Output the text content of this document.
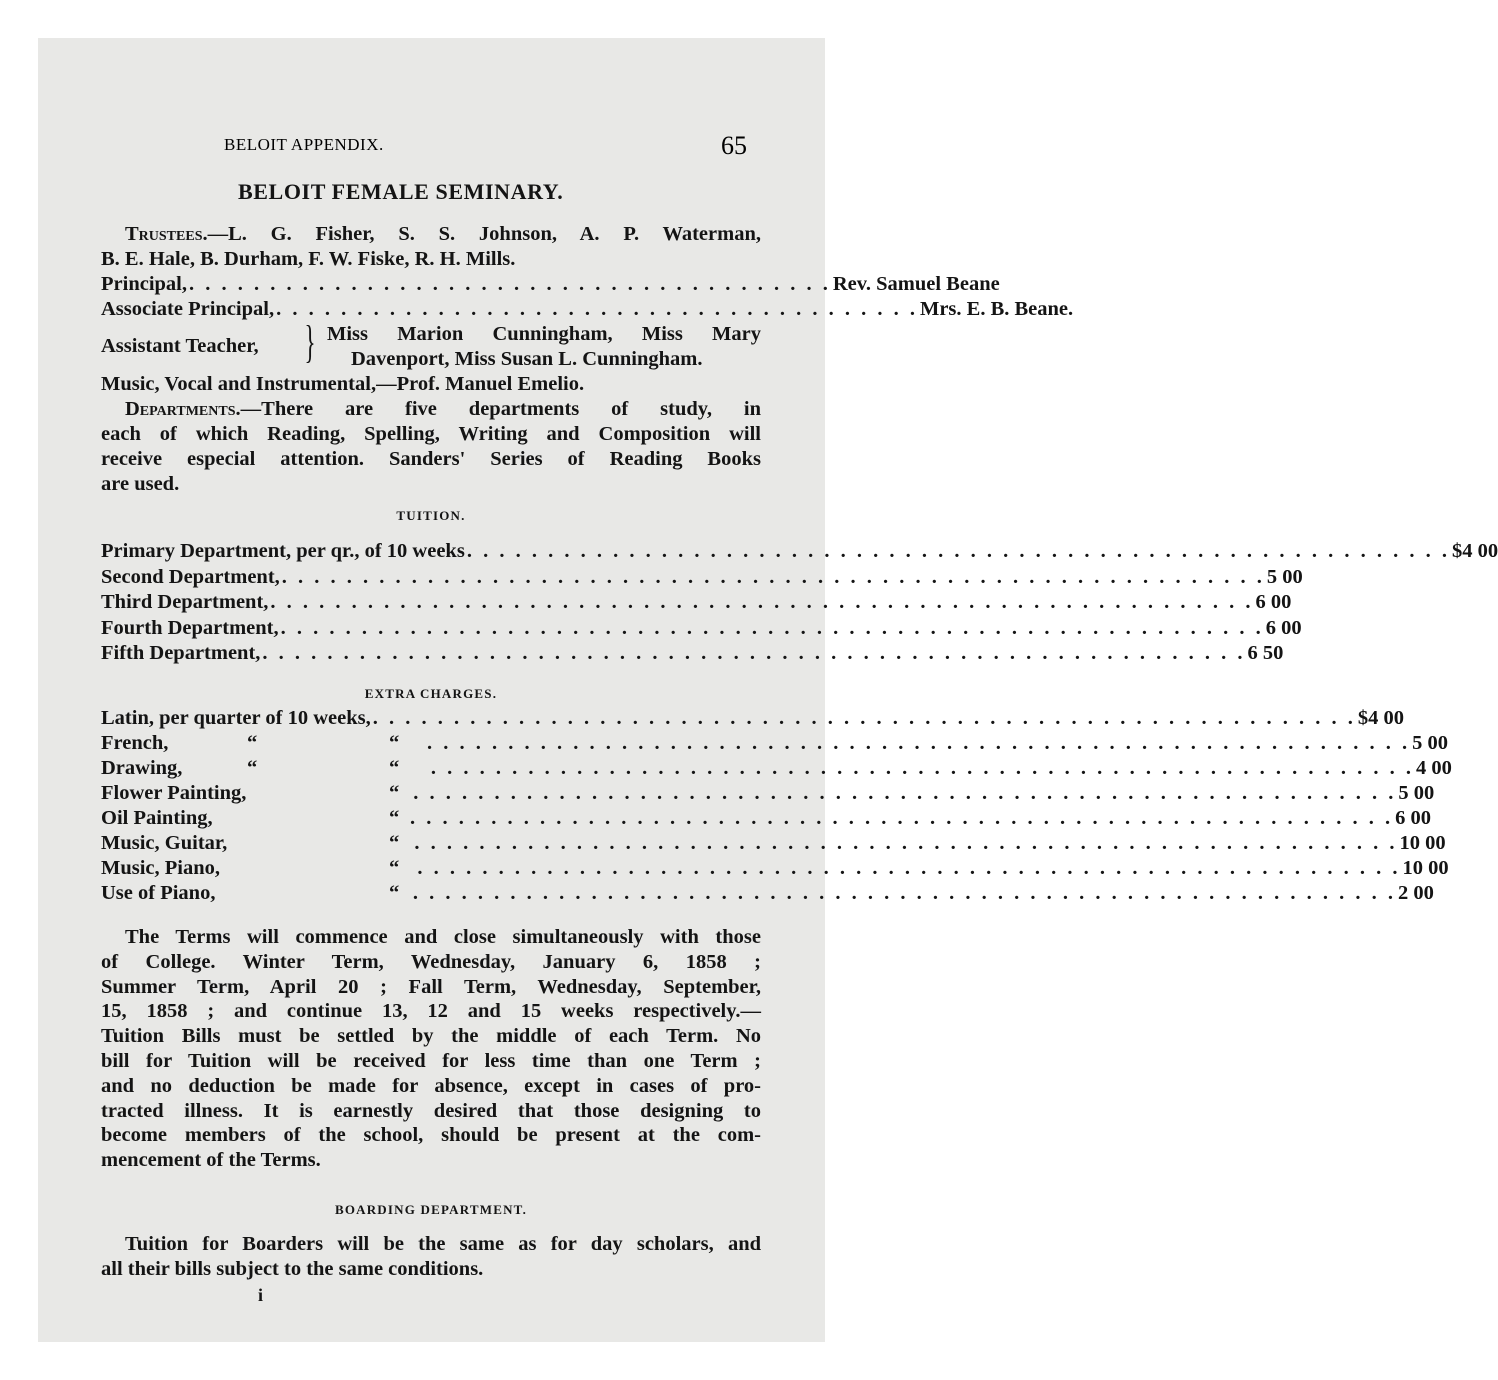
BELOIT APPENDIX.	65
BELOIT FEMALE SEMINARY.
Trustees.—L. G. Fisher, S. S. Johnson, A. P. Waterman,
B. E. Hale, B. Durham, F. W. Fiske, R. H. Mills.
Principal, . . . . . . . . . . . . . . . . . . . . . . . . . . . . . . . . . . . . . . . . Rev. Samuel Beane
Associate Principal, . . . . . . . . . . . . . . . . . . . . . . . . . . . . . . . . . . . . . . . . Mrs. E. B. Beane.
Assistant Teacher, } Miss Marion Cunningham, Miss Mary
Davenport, Miss Susan L. Cunningham.
Music, Vocal and Instrumental,—Prof. Manuel Emelio.
Departments.—There are five departments of study, in
each of which Reading, Spelling, Writing and Composition will
receive especial attention. Sanders' Series of Reading Books
are used.
TUITION.
Primary Department, per qr., of 10 weeks . . . . . . . . . . . . . . . . . . . . . . . . . . . . . . . . . . . . . . . . . . . . . . . . . . . . . . . . . . . . . $4 00
Second Department, . . . . . . . . . . . . . . . . . . . . . . . . . . . . . . . . . . . . . . . . . . . . . . . . . . . . . . . . . . . . . 5 00
Third Department, . . . . . . . . . . . . . . . . . . . . . . . . . . . . . . . . . . . . . . . . . . . . . . . . . . . . . . . . . . . . . 6 00
Fourth Department, . . . . . . . . . . . . . . . . . . . . . . . . . . . . . . . . . . . . . . . . . . . . . . . . . . . . . . . . . . . . . 6 00
Fifth Department, . . . . . . . . . . . . . . . . . . . . . . . . . . . . . . . . . . . . . . . . . . . . . . . . . . . . . . . . . . . . . 6 50
EXTRA CHARGES.
Latin, per quarter of 10 weeks, . . . . . . . . . . . . . . . . . . . . . . . . . . . . . . . . . . . . . . . . . . . . . . . . . . . . . . . . . . . . . $4 00
French,	“	“ . . . . . . . . . . . . . . . . . . . . . . . . . . . . . . . . . . . . . . . . . . . . . . . . . . . . . . . . . . . . . 5 00
Drawing,	“	“ . . . . . . . . . . . . . . . . . . . . . . . . . . . . . . . . . . . . . . . . . . . . . . . . . . . . . . . . . . . . . 4 00
Flower Painting,	“ . . . . . . . . . . . . . . . . . . . . . . . . . . . . . . . . . . . . . . . . . . . . . . . . . . . . . . . . . . . . . 5 00
Oil Painting,	“ . . . . . . . . . . . . . . . . . . . . . . . . . . . . . . . . . . . . . . . . . . . . . . . . . . . . . . . . . . . . . 6 00
Music, Guitar,	“ . . . . . . . . . . . . . . . . . . . . . . . . . . . . . . . . . . . . . . . . . . . . . . . . . . . . . . . . . . . . . 10 00
Music, Piano,	“ . . . . . . . . . . . . . . . . . . . . . . . . . . . . . . . . . . . . . . . . . . . . . . . . . . . . . . . . . . . . . 10 00
Use of Piano,	“ . . . . . . . . . . . . . . . . . . . . . . . . . . . . . . . . . . . . . . . . . . . . . . . . . . . . . . . . . . . . . 2 00
The Terms will commence and close simultaneously with those
of College. Winter Term, Wednesday, January 6, 1858 ;
Summer Term, April 20 ; Fall Term, Wednesday, September,
15, 1858 ; and continue 13, 12 and 15 weeks respectively.—
Tuition Bills must be settled by the middle of each Term. No
bill for Tuition will be received for less time than one Term ;
and no deduction be made for absence, except in cases of pro-
tracted illness. It is earnestly desired that those designing to
become members of the school, should be present at the com-
mencement of the Terms.
BOARDING DEPARTMENT.
Tuition for Boarders will be the same as for day scholars, and
all their bills subject to the same conditions.
i
